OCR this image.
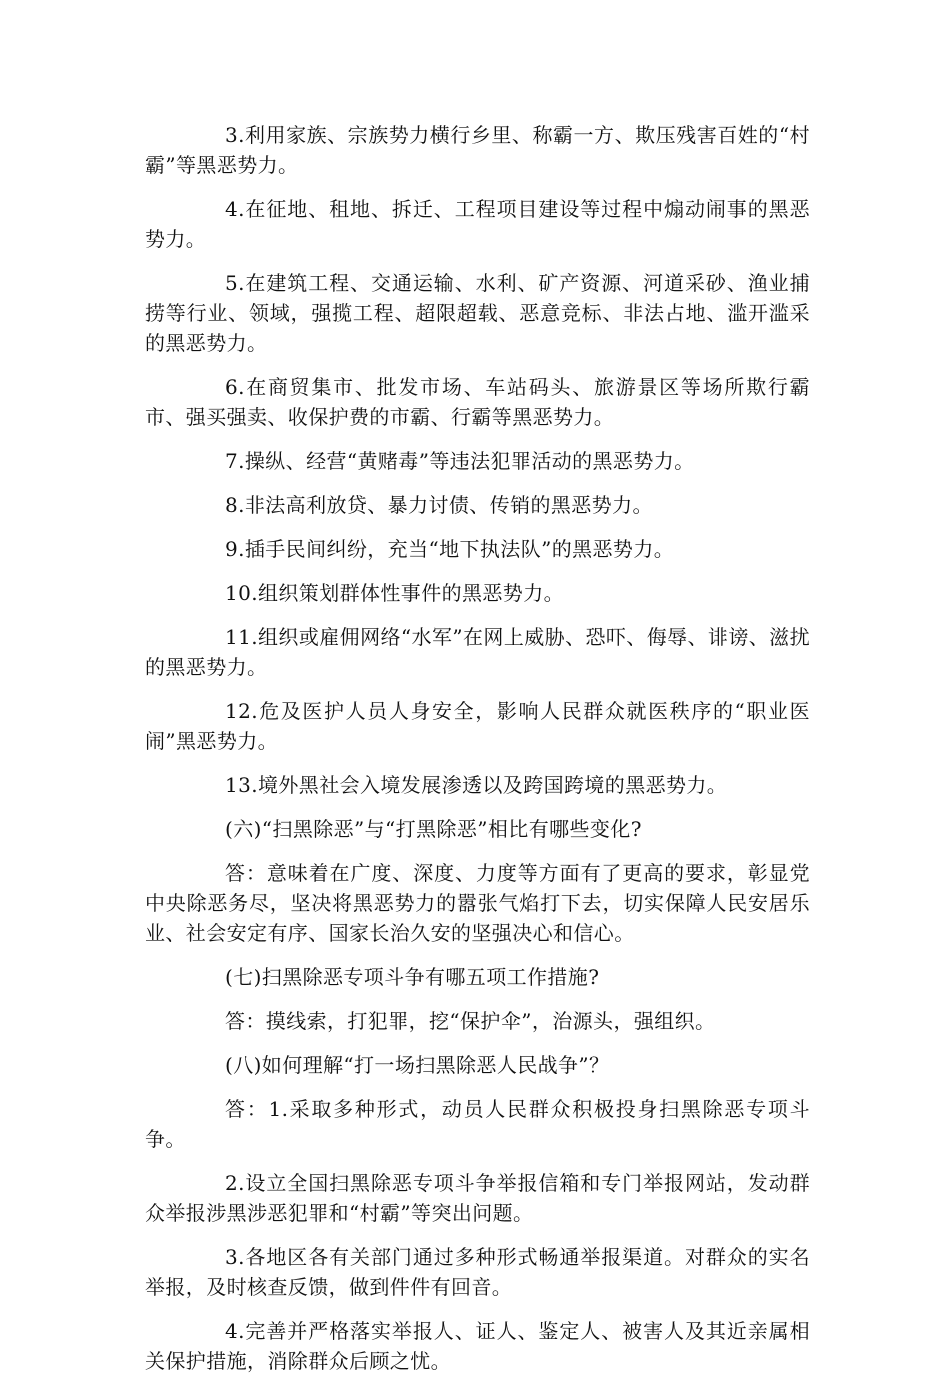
3.利用家族、宗族势力横行乡里、称霸一方、欺压残害百姓的“村霸”等黑恶势力。

4.在征地、租地、拆迁、工程项目建设等过程中煽动闹事的黑恶势力。

5.在建筑工程、交通运输、水利、矿产资源、河道采砂、渔业捕捞等行业、领域，强揽工程、超限超载、恶意竞标、非法占地、滥开滥采的黑恶势力。

6.在商贸集市、批发市场、车站码头、旅游景区等场所欺行霸市、强买强卖、收保护费的市霸、行霸等黑恶势力。

7.操纵、经营“黄赌毒”等违法犯罪活动的黑恶势力。

8.非法高利放贷、暴力讨债、传销的黑恶势力。

9.插手民间纠纷，充当“地下执法队”的黑恶势力。

10.组织策划群体性事件的黑恶势力。

11.组织或雇佣网络“水军”在网上威胁、恐吓、侮辱、诽谤、滋扰的黑恶势力。

12.危及医护人员人身安全，影响人民群众就医秩序的“职业医闹”黑恶势力。

13.境外黑社会入境发展渗透以及跨国跨境的黑恶势力。

(六)“扫黑除恶”与“打黑除恶”相比有哪些变化?

答：意味着在广度、深度、力度等方面有了更高的要求，彰显党中央除恶务尽，坚决将黑恶势力的嚣张气焰打下去，切实保障人民安居乐业、社会安定有序、国家长治久安的坚强决心和信心。

(七)扫黑除恶专项斗争有哪五项工作措施?

答：摸线索，打犯罪，挖“保护伞”，治源头，强组织。

(八)如何理解“打一场扫黑除恶人民战争”？

答：1.采取多种形式，动员人民群众积极投身扫黑除恶专项斗争。

2.设立全国扫黑除恶专项斗争举报信箱和专门举报网站，发动群众举报涉黑涉恶犯罪和“村霸”等突出问题。

3.各地区各有关部门通过多种形式畅通举报渠道。对群众的实名举报，及时核查反馈，做到件件有回音。

4.完善并严格落实举报人、证人、鉴定人、被害人及其近亲属相关保护措施，消除群众后顾之忧。
